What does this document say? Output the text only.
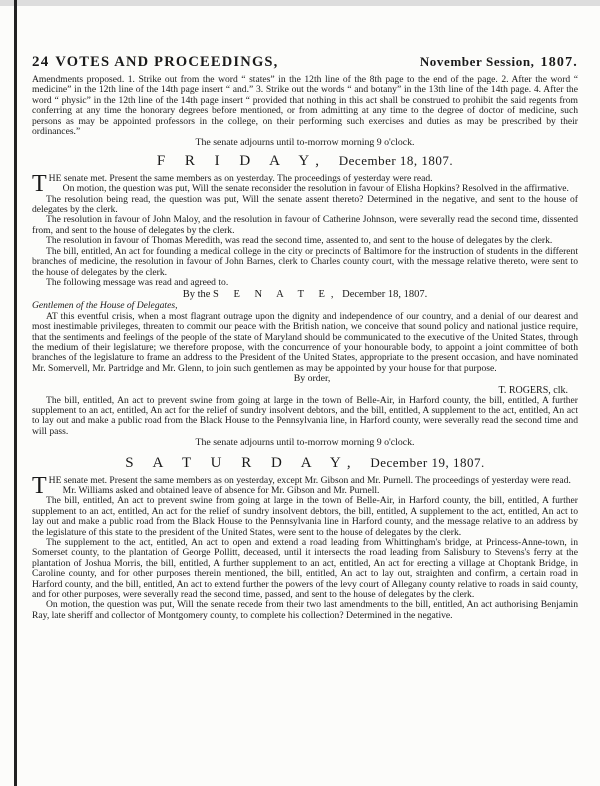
24 VOTES AND PROCEEDINGS,	November Session, 1807.

Amendments proposed. 1. Strike out from the word “ states” in the 12th line of the 8th page to the end of the page. 2. After the word “ medicine” in the 12th line of the 14th page insert “ and.” 3. Strike out the words “ and botany” in the 13th line of the 14th page. 4. After the word “ physic” in the 12th line of the 14th page insert “ provided that nothing in this act shall be construed to prohibit the said regents from conferring at any time the honorary degrees before mentioned, or from admitting at any time to the degree of doctor of medicine, such persons as may be appointed professors in the college, on their performing such exercises and duties as may be prescribed by their ordinances.”

The senate adjourns until to-morrow morning 9 o'clock.

F R I D A Y, December 18, 1807.

THE senate met. Present the same members as on yesterday. The proceedings of yesterday were read.

On motion, the question was put, Will the senate reconsider the resolution in favour of Elisha Hopkins? Resolved in the affirmative.

The resolution being read, the question was put, Will the senate assent thereto? Determined in the negative, and sent to the house of delegates by the clerk.

The resolution in favour of John Maloy, and the resolution in favour of Catherine Johnson, were severally read the second time, dissented from, and sent to the house of delegates by the clerk.

The resolution in favour of Thomas Meredith, was read the second time, assented to, and sent to the house of delegates by the clerk.

The bill, entitled, An act for founding a medical college in the city or precincts of Baltimore for the instruction of students in the different branches of medicine, the resolution in favour of John Barnes, clerk to Charles county court, with the message relative thereto, were sent to the house of delegates by the clerk.

The following message was read and agreed to.

By the S E N A T E, December 18, 1807.

Gentlemen of the House of Delegates,

AT this eventful crisis, when a most flagrant outrage upon the dignity and independence of our country, and a denial of our dearest and most inestimable privileges, threaten to commit our peace with the British nation, we conceive that sound policy and national justice require, that the sentiments and feelings of the people of the state of Maryland should be communicated to the executive of the United States, through the medium of their legislature; we therefore propose, with the concurrence of your honourable body, to appoint a joint committee of both branches of the legislature to frame an address to the President of the United States, appropriate to the present occasion, and have nominated Mr. Somervell, Mr. Partridge and Mr. Glenn, to join such gentlemen as may be appointed by your house for that purpose.

By order,

T. ROGERS, clk.

The bill, entitled, An act to prevent swine from going at large in the town of Belle-Air, in Harford county, the bill, entitled, A further supplement to an act, entitled, An act for the relief of sundry insolvent debtors, and the bill, entitled, A supplement to the act, entitled, An act to lay out and make a public road from the Black House to the Pennsylvania line, in Harford county, were severally read the second time and will pass.

The senate adjourns until to-morrow morning 9 o'clock.

S A T U R D A Y, December 19, 1807.

THE senate met. Present the same members as on yesterday, except Mr. Gibson and Mr. Purnell. The proceedings of yesterday were read.

Mr. Williams asked and obtained leave of absence for Mr. Gibson and Mr. Purnell.

The bill, entitled, An act to prevent swine from going at large in the town of Belle-Air, in Harford county, the bill, entitled, A further supplement to an act, entitled, An act for the relief of sundry insolvent debtors, the bill, entitled, A supplement to the act, entitled, An act to lay out and make a public road from the Black House to the Pennsylvania line in Harford county, and the message relative to an address by the legislature of this state to the president of the United States, were sent to the house of delegates by the clerk.

The supplement to the act, entitled, An act to open and extend a road leading from Whittingham's bridge, at Princess-Anne-town, in Somerset county, to the plantation of George Pollitt, deceased, until it intersects the road leading from Salisbury to Stevens's ferry at the plantation of Joshua Morris, the bill, entitled, A further supplement to an act, entitled, An act for erecting a village at Choptank Bridge, in Caroline county, and for other purposes therein mentioned, the bill, entitled, An act to lay out, straighten and confirm, a certain road in Harford county, and the bill, entitled, An act to extend further the powers of the levy court of Allegany county relative to roads in said county, and for other purposes, were severally read the second time, passed, and sent to the house of delegates by the clerk.

On motion, the question was put, Will the senate recede from their two last amendments to the bill, entitled, An act authorising Benjamin Ray, late sheriff and collector of Montgomery county, to complete his collection? Determined in the negative.
